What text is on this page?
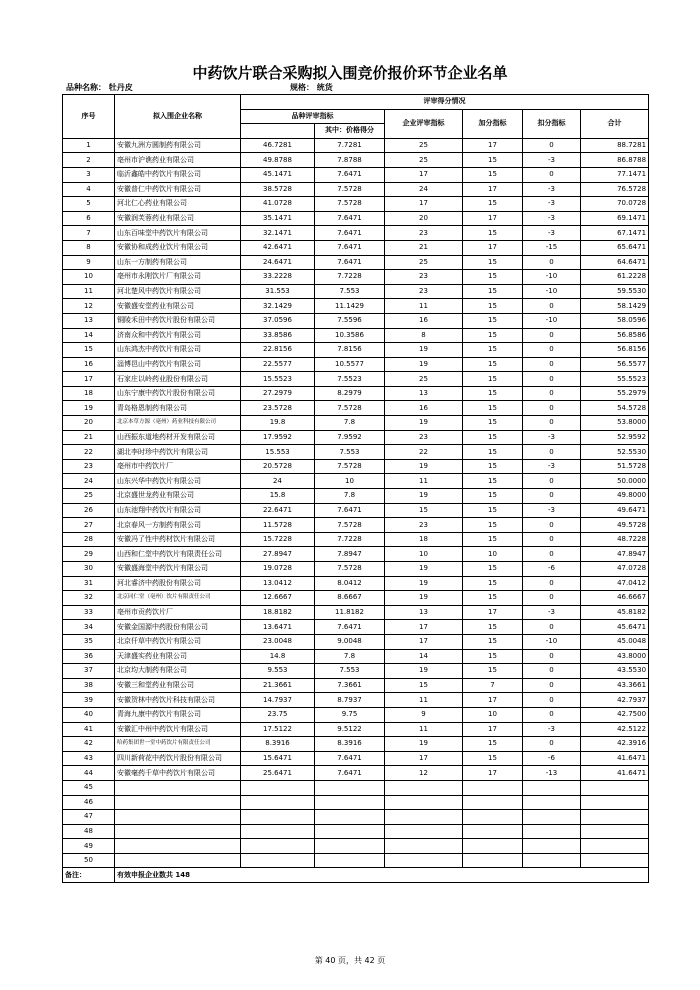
中药饮片联合采购拟入围竞价报价环节企业名单
品种名称： 牡丹皮	规格： 统货
序号	拟入围企业名称	评审得分情况					
		品种评审指标		企业评审指标	加分指标	扣分指标	合计
			其中：价格得分				
1	安徽九洲方圆制药有限公司	46.7281	7.7281	25	17	0	88.7281
2	亳州市沪谯药业有限公司	49.8788	7.8788	25	15	-3	86.8788
3	临沂鑫皓中药饮片有限公司	45.1471	7.6471	17	15	0	77.1471
4	安徽普仁中药饮片有限公司	38.5728	7.5728	24	17	-3	76.5728
5	河北仁心药业有限公司	41.0728	7.5728	17	15	-3	70.0728
6	安徽润芙蓉药业有限公司	35.1471	7.6471	20	17	-3	69.1471
7	山东百味堂中药饮片有限公司	32.1471	7.6471	23	15	-3	67.1471
8	安徽协和成药业饮片有限公司	42.6471	7.6471	21	17	-15	65.6471
9	山东一方制药有限公司	24.6471	7.6471	25	15	0	64.6471
10	亳州市永刚饮片厂有限公司	33.2228	7.7228	23	15	-10	61.2228
11	河北楚风中药饮片有限公司	31.553	7.553	23	15	-10	59.5530
12	安徽盛安堂药业有限公司	32.1429	11.1429	11	15	0	58.1429
13	铜陵禾田中药饮片股份有限公司	37.0596	7.5596	16	15	-10	58.0596
14	济南众和中药饮片有限公司	33.8586	10.3586	8	15	0	56.8586
15	山东鸿杰中药饮片有限公司	22.8156	7.8156	19	15	0	56.8156
16	淄博邑山中药饮片有限公司	22.5577	10.5577	19	15	0	56.5577
17	石家庄以岭药业股份有限公司	15.5523	7.5523	25	15	0	55.5523
18	山东宁康中药饮片股份有限公司	27.2979	8.2979	13	15	0	55.2979
19	青岛格恩制药有限公司	23.5728	7.5728	16	15	0	54.5728
20	北京本草方源（亳州）药业科技有限公司	19.8	7.8	19	15	0	53.8000
21	山西振东道地药材开发有限公司	17.9592	7.9592	23	15	-3	52.9592
22	湖北李时珍中药饮片有限公司	15.553	7.553	22	15	0	52.5530
23	亳州市中药饮片厂	20.5728	7.5728	19	15	-3	51.5728
24	山东兴华中药饮片有限公司	24	10	11	15	0	50.0000
25	北京盛世龙药业有限公司	15.8	7.8	19	15	0	49.8000
26	山东池翔中药饮片有限公司	22.6471	7.6471	15	15	-3	49.6471
27	北京春风一方制药有限公司	11.5728	7.5728	23	15	0	49.5728
28	安徽冯了性中药材饮片有限公司	15.7228	7.7228	18	15	0	48.7228
29	山西和仁堂中药饮片有限责任公司	27.8947	7.8947	10	10	0	47.8947
30	安徽盛海堂中药饮片有限公司	19.0728	7.5728	19	15	-6	47.0728
31	河北睿济中药股份有限公司	13.0412	8.0412	19	15	0	47.0412
32	北京同仁堂（亳州）饮片有限责任公司	12.6667	8.6667	19	15	0	46.6667
33	亳州市贡药饮片厂	18.8182	11.8182	13	17	-3	45.8182
34	安徽金国源中药股份有限公司	13.6471	7.6471	17	15	0	45.6471
35	北京仟草中药饮片有限公司	23.0048	9.0048	17	15	-10	45.0048
36	天津盛实药业有限公司	14.8	7.8	14	15	0	43.8000
37	北京均大制药有限公司	9.553	7.553	19	15	0	43.5530
38	安徽三和堂药业有限公司	21.3661	7.3661	15	7	0	43.3661
39	安徽贺林中药饮片科技有限公司	14.7937	8.7937	11	17	0	42.7937
40	青海九康中药饮片有限公司	23.75	9.75	9	10	0	42.7500
41	安徽汇中州中药饮片有限公司	17.5122	9.5122	11	17	-3	42.5122
42	哈药集团世一堂中药饮片有限责任公司	8.3916	8.3916	19	15	0	42.3916
43	四川新荷花中药饮片股份有限公司	15.6471	7.6471	17	15	-6	41.6471
44	安徽毫药千草中药饮片有限公司	25.6471	7.6471	12	17	-13	41.6471
45							
46							
47							
48							
49							
50							
备注：	有效申报企业数共 148						
第 40 页，共 42 页
